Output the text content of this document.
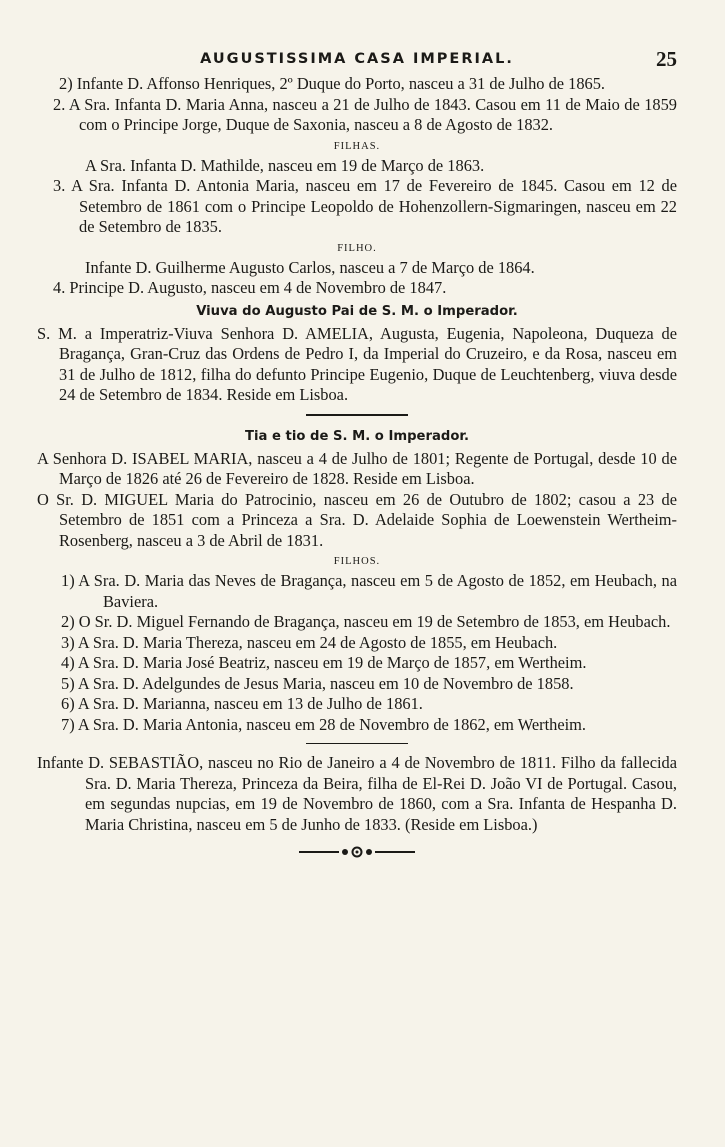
AUGUSTISSIMA CASA IMPERIAL.	25

2) Infante D. Affonso Henriques, 2º Duque do Porto, nasceu a 31 de Julho de 1865.

2. A Sra. Infanta D. Maria Anna, nasceu a 21 de Julho de 1843. Casou em 11 de Maio de 1859 com o Principe Jorge, Duque de Saxonia, nasceu a 8 de Agosto de 1832.

FILHAS.

A Sra. Infanta D. Mathilde, nasceu em 19 de Março de 1863.

3. A Sra. Infanta D. Antonia Maria, nasceu em 17 de Fevereiro de 1845. Casou em 12 de Setembro de 1861 com o Principe Leopoldo de Hohenzollern-Sigmaringen, nasceu em 22 de Setembro de 1835.

FILHO.

Infante D. Guilherme Augusto Carlos, nasceu a 7 de Março de 1864.

4. Principe D. Augusto, nasceu em 4 de Novembro de 1847.

Viuva do Augusto Pai de S. M. o Imperador.

S. M. a Imperatriz-Viuva Senhora D. AMELIA, Augusta, Eugenia, Napoleona, Duqueza de Bragança, Gran-Cruz das Ordens de Pedro I, da Imperial do Cruzeiro, e da Rosa, nasceu em 31 de Julho de 1812, filha do defunto Principe Eugenio, Duque de Leuchtenberg, viuva desde 24 de Setembro de 1834. Reside em Lisboa.

Tia e tio de S. M. o Imperador.

A Senhora D. ISABEL MARIA, nasceu a 4 de Julho de 1801; Regente de Portugal, desde 10 de Março de 1826 até 26 de Fevereiro de 1828. Reside em Lisboa.

O Sr. D. MIGUEL Maria do Patrocinio, nasceu em 26 de Outubro de 1802; casou a 23 de Setembro de 1851 com a Princeza a Sra. D. Adelaide Sophia de Loewenstein Wertheim-Rosenberg, nasceu a 3 de Abril de 1831.

FILHOS.

1) A Sra. D. Maria das Neves de Bragança, nasceu em 5 de Agosto de 1852, em Heubach, na Baviera.

2) O Sr. D. Miguel Fernando de Bragança, nasceu em 19 de Setembro de 1853, em Heubach.

3) A Sra. D. Maria Thereza, nasceu em 24 de Agosto de 1855, em Heubach.

4) A Sra. D. Maria José Beatriz, nasceu em 19 de Março de 1857, em Wertheim.

5) A Sra. D. Adelgundes de Jesus Maria, nasceu em 10 de Novembro de 1858.

6) A Sra. D. Marianna, nasceu em 13 de Julho de 1861.

7) A Sra. D. Maria Antonia, nasceu em 28 de Novembro de 1862, em Wertheim.

Infante D. SEBASTIÃO, nasceu no Rio de Janeiro a 4 de Novembro de 1811. Filho da fallecida Sra. D. Maria Thereza, Princeza da Beira, filha de El-Rei D. João VI de Portugal. Casou, em segundas nupcias, em 19 de Novembro de 1860, com a Sra. Infanta de Hespanha D. Maria Christina, nasceu em 5 de Junho de 1833. (Reside em Lisboa.)
